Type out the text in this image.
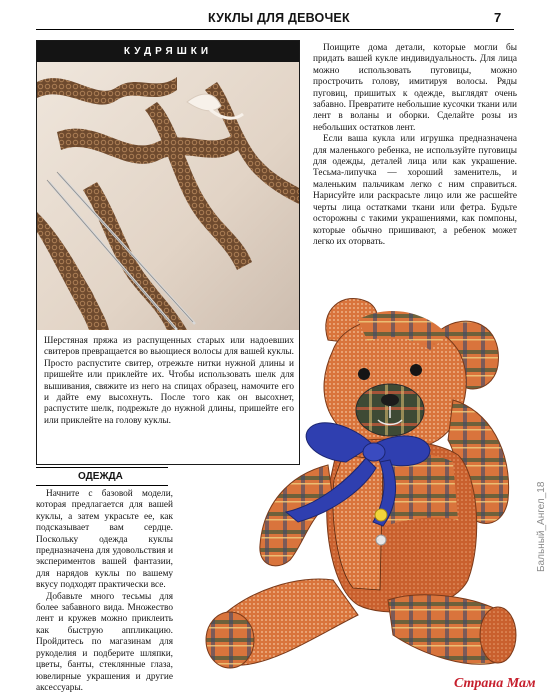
КУКЛЫ ДЛЯ ДЕВОЧЕК	7
КУДРЯШКИ
Шерстяная пряжа из распущенных старых или надоевших свитеров превращается во вьющиеся волосы для вашей куклы. Просто распустите свитер, отрежьте нитки нужной длины и пришейте или приклейте их. Чтобы использовать шелк для вышивания, свяжите из него на спицах образец, намочите его и дайте ему высохнуть. После того как он высохнет, распустите шелк, подрежьте до нужной длины, пришейте его или приклейте на голову куклы.

Поищите дома детали, которые могли бы придать вашей кукле индивидуальность. Для лица можно использовать пуговицы, можно прострочить голову, имитируя волосы. Ряды пуговиц, пришитых к одежде, выглядят очень забавно. Превратите небольшие кусочки ткани или лент в воланы и оборки. Сделайте розы из небольших остатков лент.

Если ваша кукла или игрушка предназначена для маленького ребенка, не используйте пуговицы для одежды, деталей лица или как украшение. Тесьма-липучка — хороший заменитель, и маленьким пальчикам легко с ним справиться. Нарисуйте или раскрасьте лицо или же расшейте черты лица остатками ткани или фетра. Будьте осторожны с такими украшениями, как помпоны, которые обычно пришивают, а ребенок может легко их оторвать.

ОДЕЖДА

Начните с базовой модели, которая предлагается для вашей куклы, а затем украсьте ее, как подсказывает вам сердце. Поскольку одежда куклы предназначена для удовольствия и экспериментов вашей фантазии, для нарядов куклы по вашему вкусу подходят практически все.

Добавьте много тесьмы для более забавного вида. Множество лент и кружев можно приклеить как быструю аппликацию. Пройдитесь по магазинам для рукоделия и подберите шляпки, цветы, банты, стеклянные глаза, ювелирные украшения и другие аксессуары.

Бальный_Ангел_18
Страна Мам
